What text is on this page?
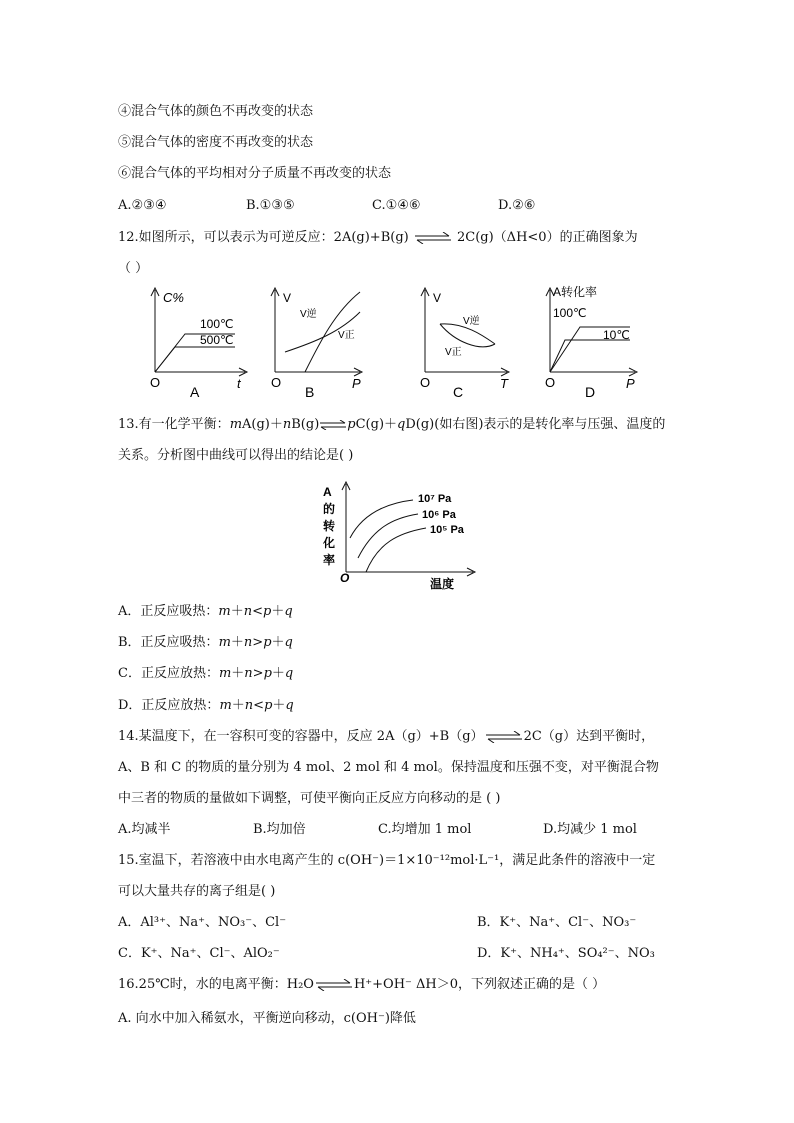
④混合气体的颜色不再改变的状态
⑤混合气体的密度不再改变的状态
⑥混合气体的平均相对分子质量不再改变的状态
A.②③④	B.①③⑤	C.①④⑥	D.②⑥
12.如图所示，可以表示为可逆反应：2A(g)+B(g) ⇌ 2C(g)（ΔH<0）的正确图象为
（ ）
C%
100℃
500℃
O	t
A
V
V逆
V正
O	P
B
V
V逆
V正
O	T
C
A转化率
100℃
10℃
O	P
D
13.有一化学平衡：mA(g)＋nB(g)⇌pC(g)＋qD(g)(如右图)表示的是转化率与压强、温度的
关系。分析图中曲线可以得出的结论是( )
A
的
转
化
率
10⁷ Pa
10⁶ Pa
10⁵ Pa
O	温度
A．正反应吸热：m＋n<p＋q
B．正反应吸热：m＋n>p＋q
C．正反应放热：m＋n>p＋q
D．正反应放热：m＋n<p＋q
14.某温度下，在一容积可变的容器中，反应 2A（g）+B（g）⇌2C（g）达到平衡时，
A、B 和 C 的物质的量分别为 4 mol、2 mol 和 4 mol。保持温度和压强不变，对平衡混合物
中三者的物质的量做如下调整，可使平衡向正反应方向移动的是 ( )
A.均减半	B.均加倍	C.均增加 1 mol	D.均减少 1 mol
15.室温下，若溶液中由水电离产生的 c(OH⁻)＝1×10⁻¹²mol·L⁻¹，满足此条件的溶液中一定
可以大量共存的离子组是( )
A．Al³⁺、Na⁺、NO₃⁻、Cl⁻	B．K⁺、Na⁺、Cl⁻、NO₃⁻
C．K⁺、Na⁺、Cl⁻、AlO₂⁻	D．K⁺、NH₄⁺、SO₄²⁻、NO₃
16.25℃时，水的电离平衡：H₂O⇌H⁺+OH⁻ ΔH＞0，下列叙述正确的是（ ）
A. 向水中加入稀氨水，平衡逆向移动，c(OH⁻)降低
